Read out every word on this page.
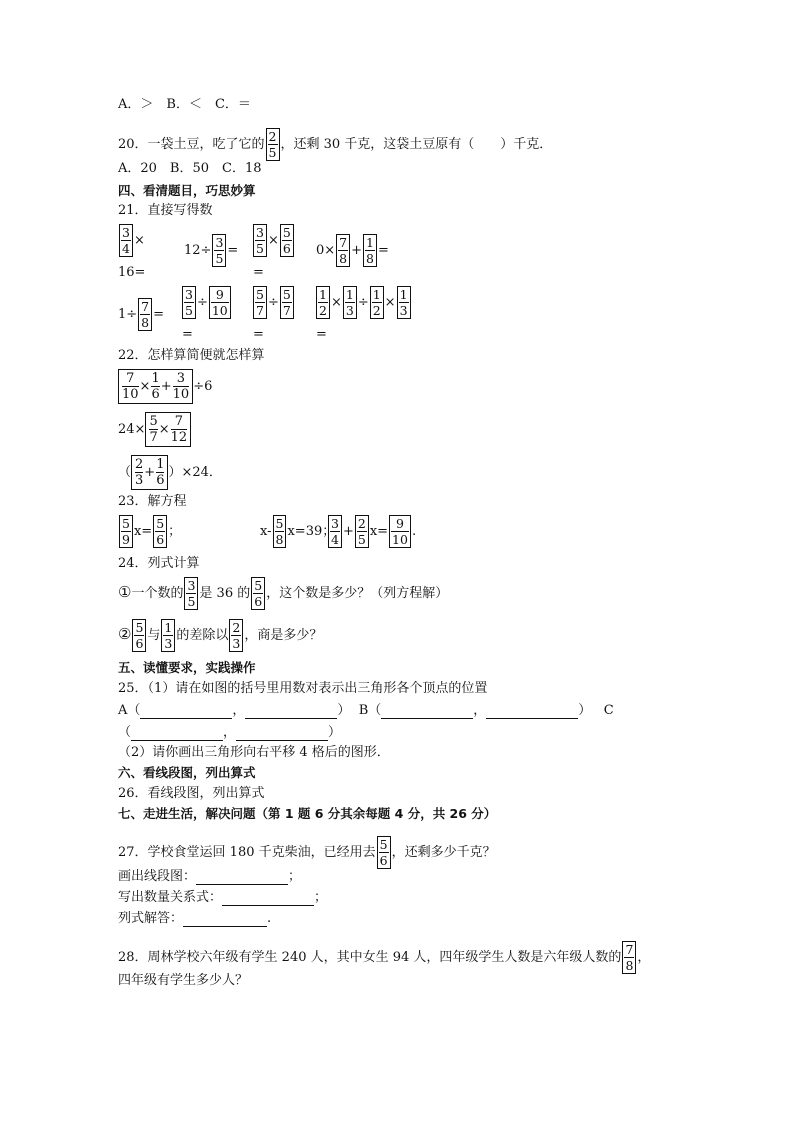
A．＞　B．＜　C．＝
20．一袋土豆，吃了它的 $\frac{2}{5}$ ，还剩 30 千克，这袋土豆原有（　　）千克．
A．20　B．50　C．18
四、看清题目，巧思妙算
21．直接写得数
$\frac{3}{4}$ ×
16=
$12\div \frac{3}{5} = \frac{3}{5} \times \frac{5}{6}$
=
$0\times \frac{7}{8} + \frac{1}{8}$ =
$1\div \frac{7}{8} = \frac{3}{5} \div \frac{9}{10}$
=
$\frac{5}{7} \div \frac{5}{7}$
=
$\frac{1}{2} \times \frac{1}{3} \div \frac{1}{2} \times \frac{1}{3}$
=
22．怎样算简便就怎样算
7
10
× 1
6
+ 3
10
÷6
24×
5
7
× 7
12
（
2
3
+ 1
6
）×24．
23．解方程
$\frac{5}{9} x= \frac{5}{6}$ ；	$x- \frac{5}{8} x=39$；
$\frac{3}{4} + \frac{2}{5} x= \frac{9}{10}$ .
24．列式计算
①一个数的 $\frac{3}{5}$ 是 36 的 $\frac{5}{6}$ ，这个数是多少？（列方程解）
② $\frac{5}{6}$ 与 $\frac{1}{3}$ 的差除以 $\frac{2}{3}$ ，商是多少？
五、读懂要求，实践操作
25．（1）请在如图的括号里用数对表示出三角形各个顶点的位置
A（	，	） B（	，	） C
（	，	）
（2）请你画出三角形向右平移 4 格后的图形．
六、看线段图，列出算式
26．看线段图，列出算式
七、走进生活，解决问题（第 1 题 6 分其余每题 4 分，共 26 分）
27．学校食堂运回 180 千克柴油，已经用去 $\frac{5}{6}$ ，还剩多少千克？
画出线段图：	；
写出数量关系式：	；
列式解答：	.
28．周林学校六年级有学生 240 人，其中女生 94 人，四年级学生人数是六年级人数的 $\frac{7}{8}$ ，
四年级有学生多少人？
